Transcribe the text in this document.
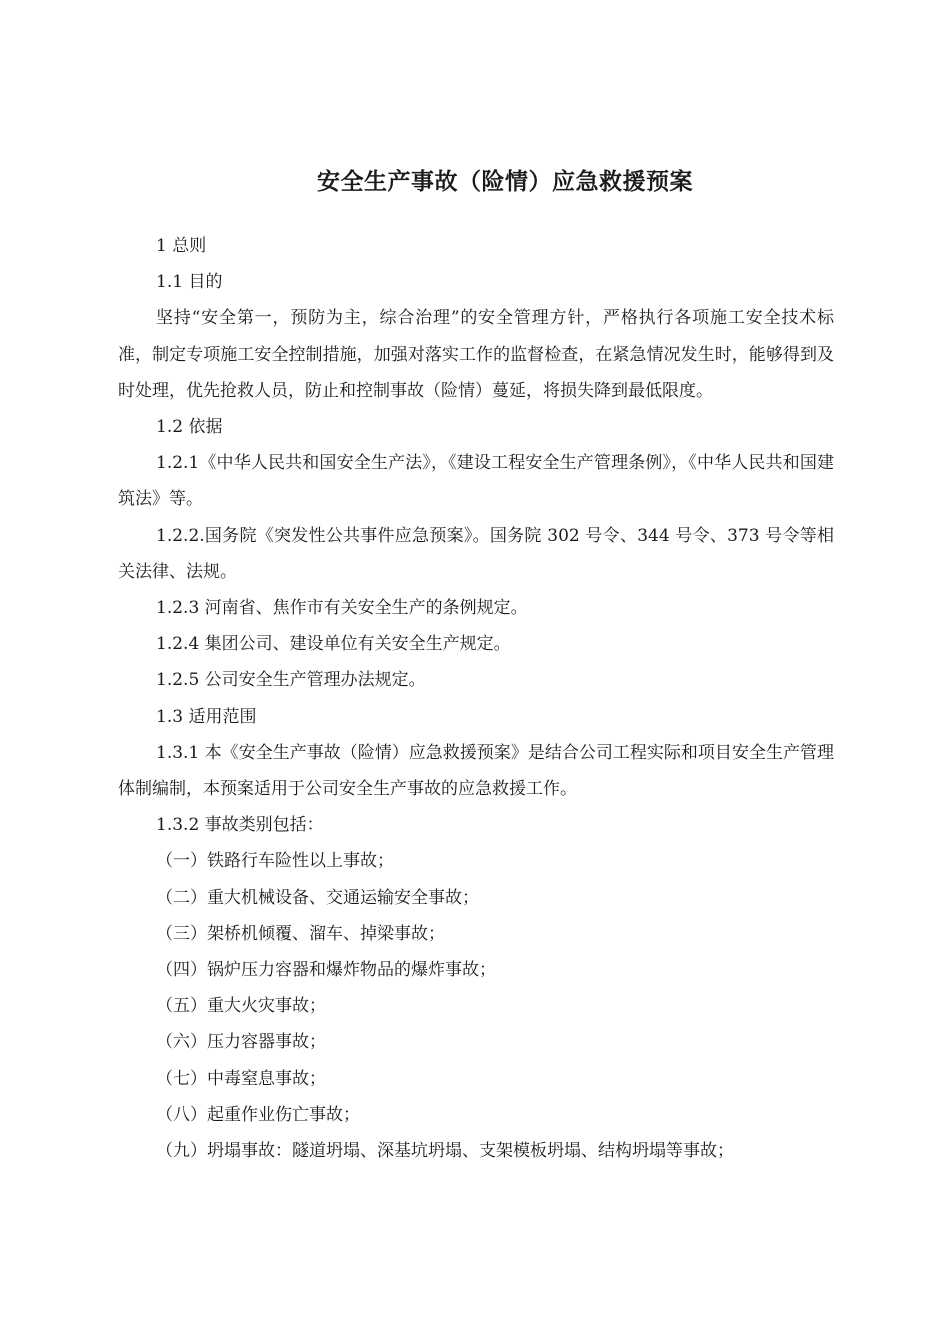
安全生产事故（险情）应急救援预案

1 总则

1.1 目的

坚持“安全第一，预防为主，综合治理”的安全管理方针，严格执行各项施工安全技术标准，制定专项施工安全控制措施，加强对落实工作的监督检查，在紧急情况发生时，能够得到及时处理，优先抢救人员，防止和控制事故（险情）蔓延，将损失降到最低限度。

1.2 依据

1.2.1《中华人民共和国安全生产法》，《建设工程安全生产管理条例》，《中华人民共和国建筑法》等。

1.2.2.国务院《突发性公共事件应急预案》。国务院 302 号令、344 号令、373 号令等相关法律、法规。

1.2.3 河南省、焦作市有关安全生产的条例规定。

1.2.4 集团公司、建设单位有关安全生产规定。

1.2.5 公司安全生产管理办法规定。

1.3 适用范围

1.3.1 本《安全生产事故（险情）应急救援预案》是结合公司工程实际和项目安全生产管理体制编制，本预案适用于公司安全生产事故的应急救援工作。

1.3.2 事故类别包括：

（一）铁路行车险性以上事故；

（二）重大机械设备、交通运输安全事故；

（三）架桥机倾覆、溜车、掉梁事故；

（四）锅炉压力容器和爆炸物品的爆炸事故；

（五）重大火灾事故；

（六）压力容器事故；

（七）中毒窒息事故；

（八）起重作业伤亡事故；

（九）坍塌事故：隧道坍塌、深基坑坍塌、支架模板坍塌、结构坍塌等事故；
